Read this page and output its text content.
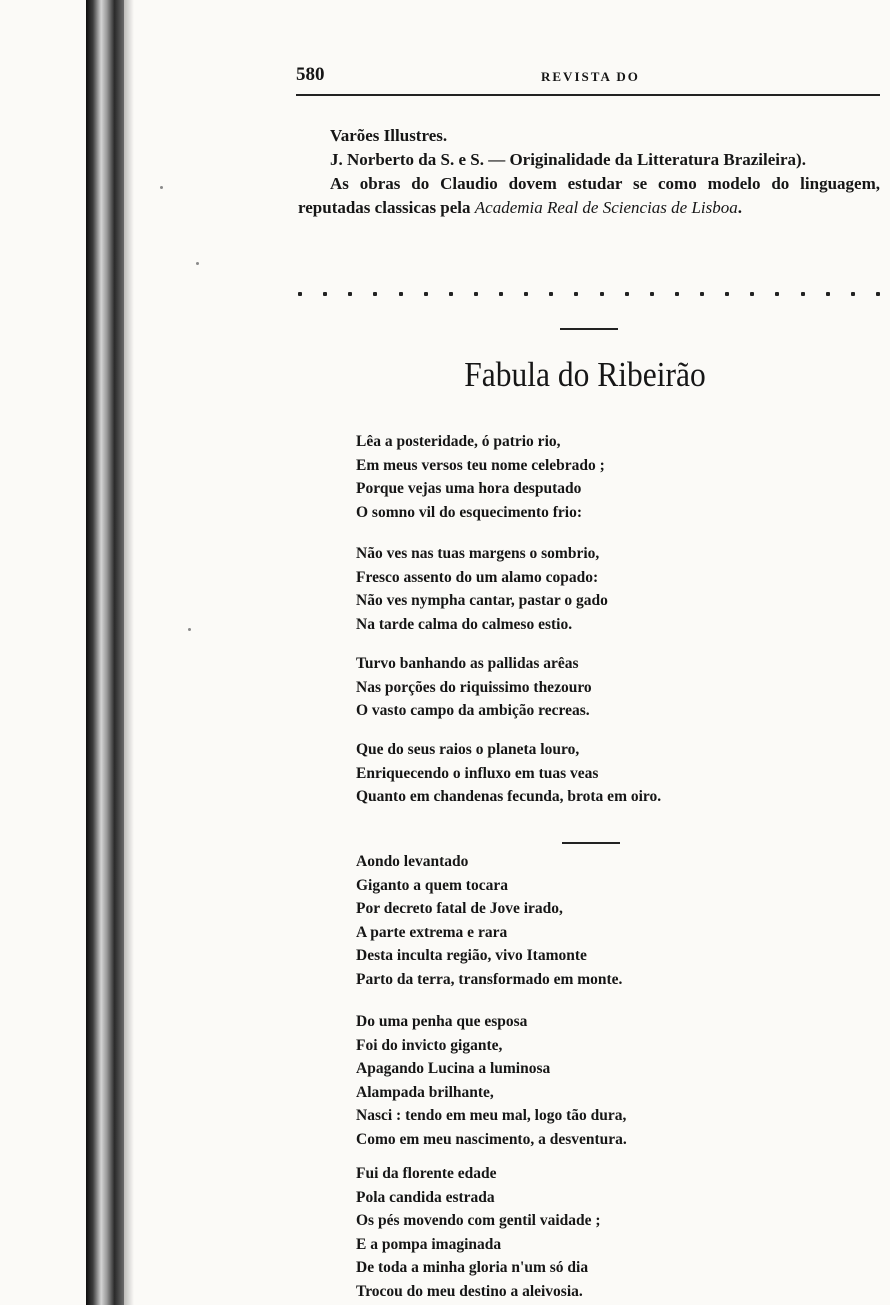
580	REVISTA DO

Varões Illustres.

J. Norberto da S. e S. — Originalidade da Litteratura Brazileira).

As obras do Claudio dovem estudar se como modelo do linguagem, reputadas classicas pela Academia Real de Sciencias de Lisboa.

Fabula do Ribeirão
Lêa a posteridade, ó patrio rio,
Em meus versos teu nome celebrado ;
Porque vejas uma hora desputado
O somno vil do esquecimento frio:
Não ves nas tuas margens o sombrio,
Fresco assento do um alamo copado:
Não ves nympha cantar, pastar o gado
Na tarde calma do calmeso estio.
Turvo banhando as pallidas arêas
Nas porções do riquissimo thezouro
O vasto campo da ambição recreas.
Que do seus raios o planeta louro,
Enriquecendo o influxo em tuas veas
Quanto em chandenas fecunda, brota em oiro.
Aondo levantado
Giganto a quem tocara
Por decreto fatal de Jove irado,
A parte extrema e rara
Desta inculta região, vivo Itamonte
Parto da terra, transformado em monte.
Do uma penha que esposa
Foi do invicto gigante,
Apagando Lucina a luminosa
Alampada brilhante,
Nasci : tendo em meu mal, logo tão dura,
Como em meu nascimento, a desventura.
Fui da florente edade
Pola candida estrada
Os pés movendo com gentil vaidade ;
E a pompa imaginada
De toda a minha gloria n'um só dia
Trocou do meu destino a aleivosia.
